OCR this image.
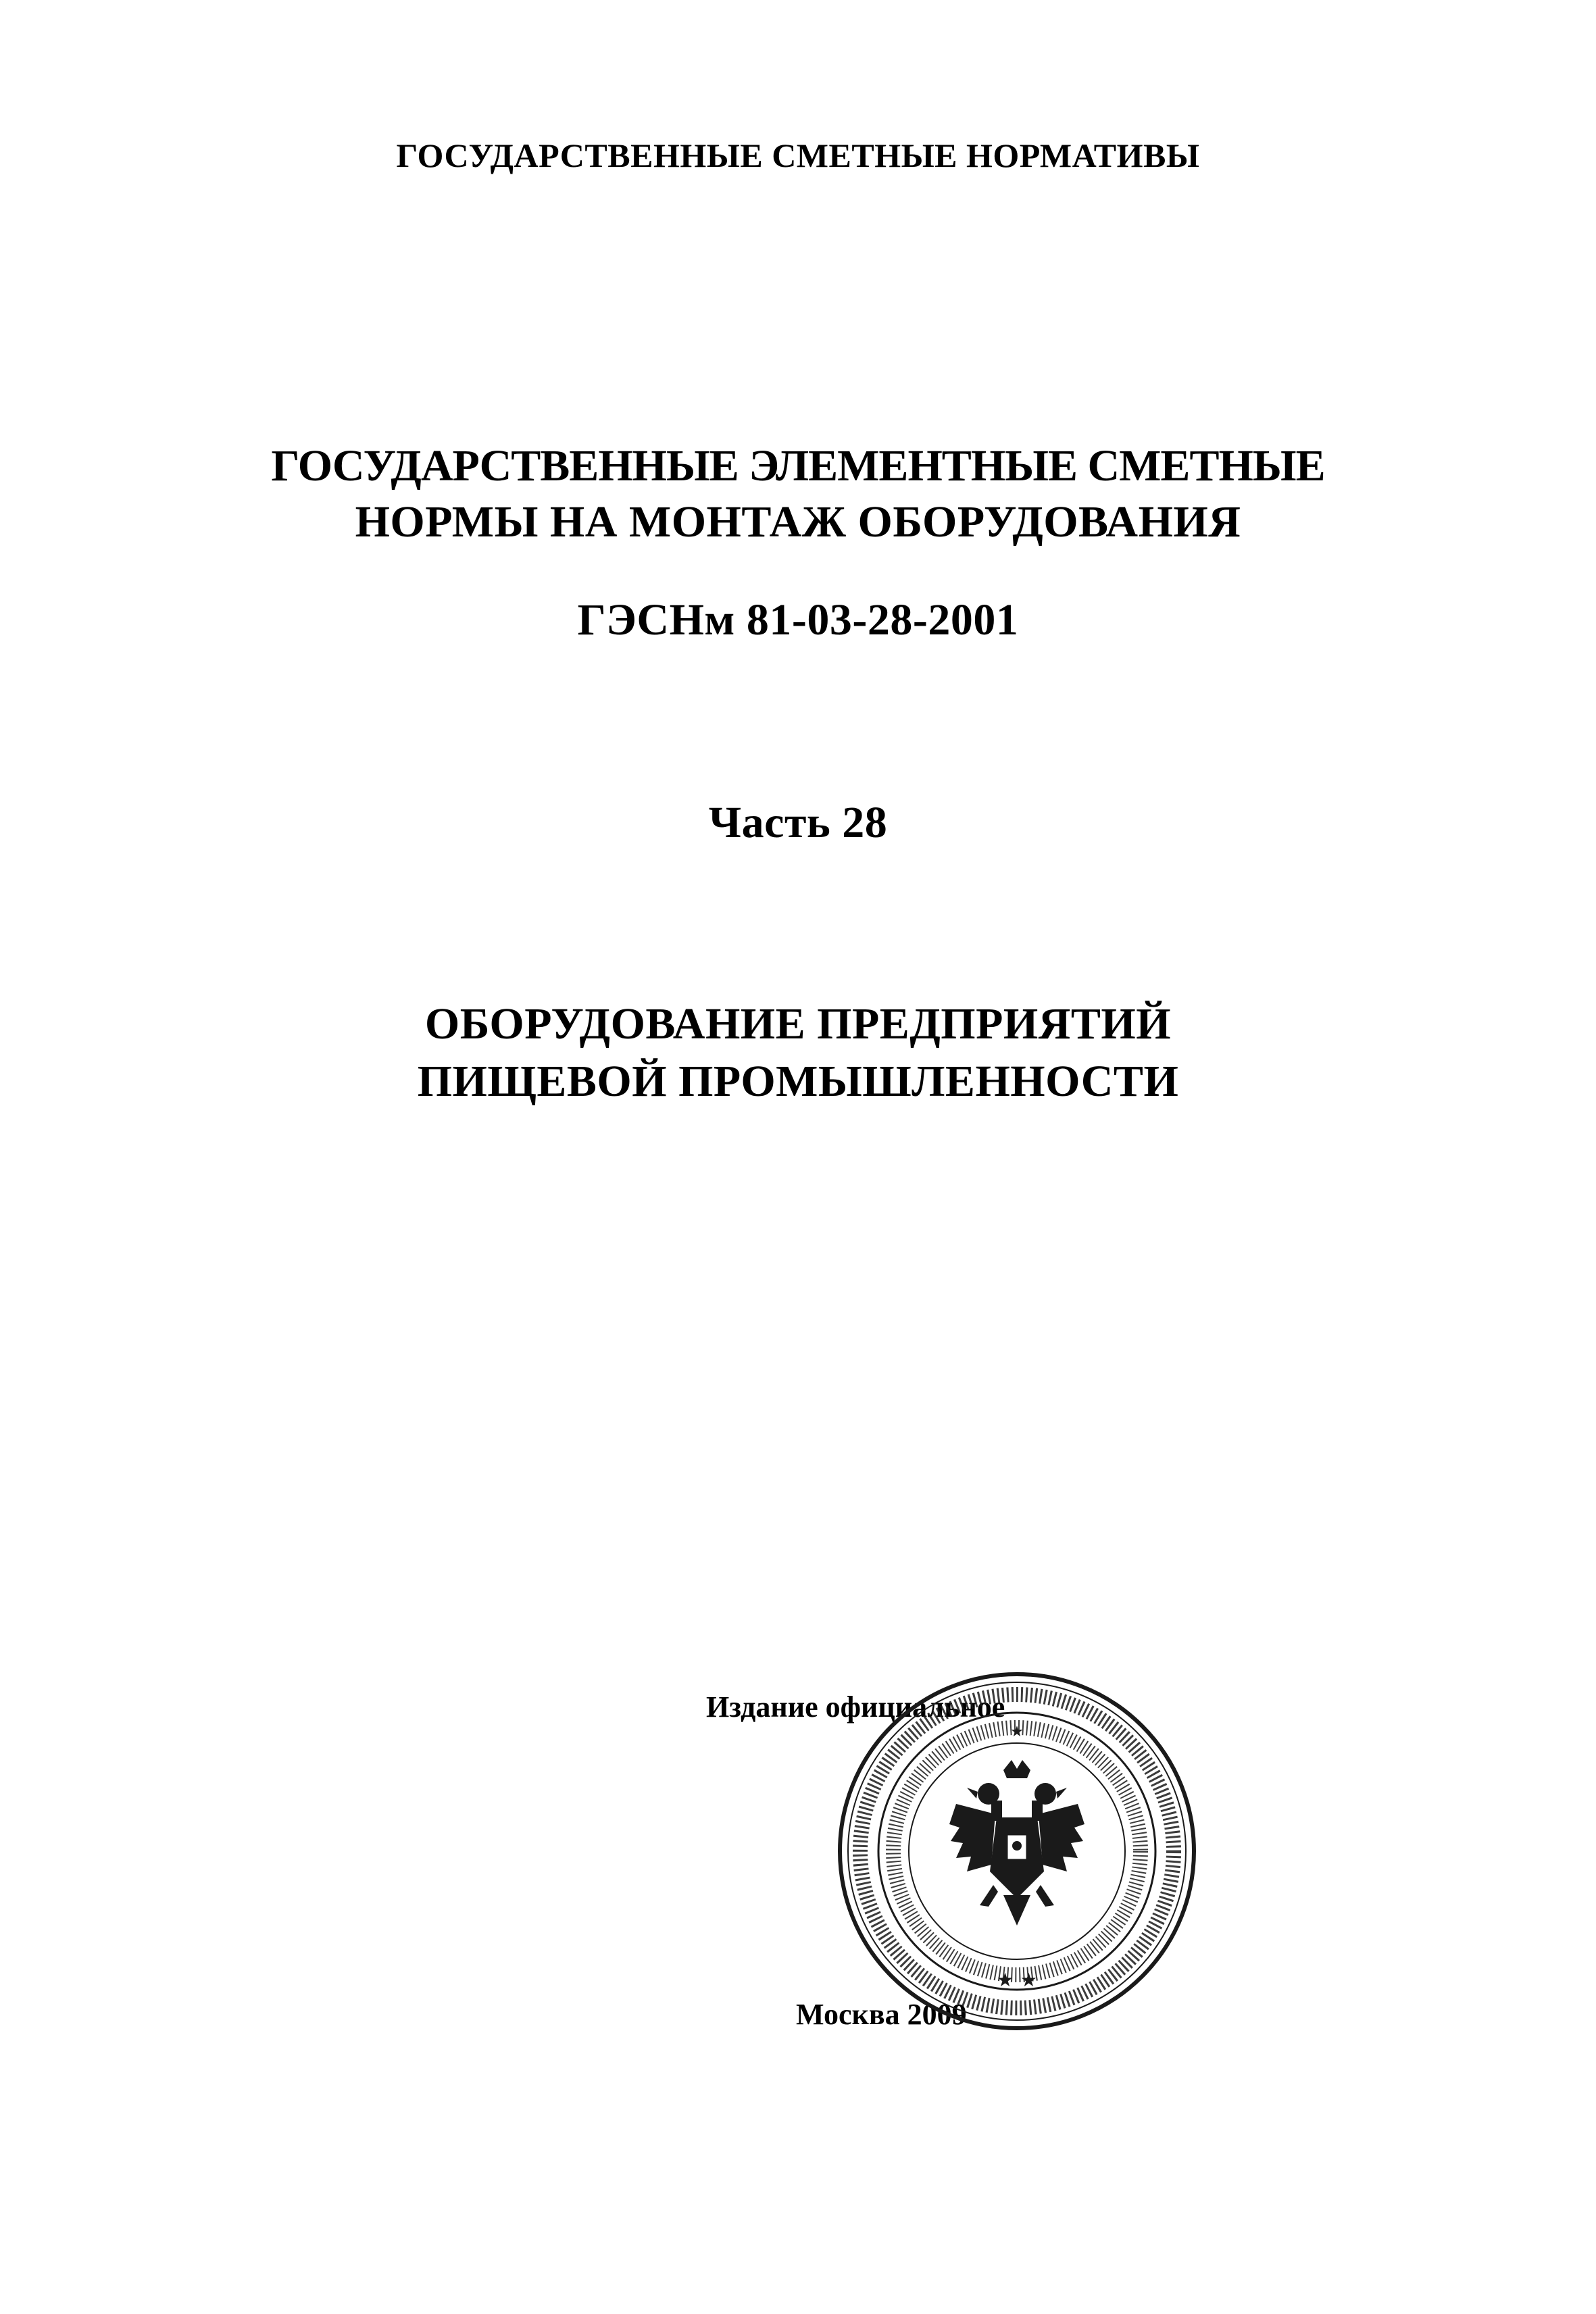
ГОСУДАРСТВЕННЫЕ СМЕТНЫЕ НОРМАТИВЫ
ГОСУДАРСТВЕННЫЕ ЭЛЕМЕНТНЫЕ СМЕТНЫЕ
НОРМЫ НА МОНТАЖ ОБОРУДОВАНИЯ
ГЭСНм 81-03-28-2001
Часть 28
ОБОРУДОВАНИЕ ПРЕДПРИЯТИЙ
ПИЩЕВОЙ ПРОМЫШЛЕННОСТИ
Издание официальное
Москва 2009
★ ★
★
